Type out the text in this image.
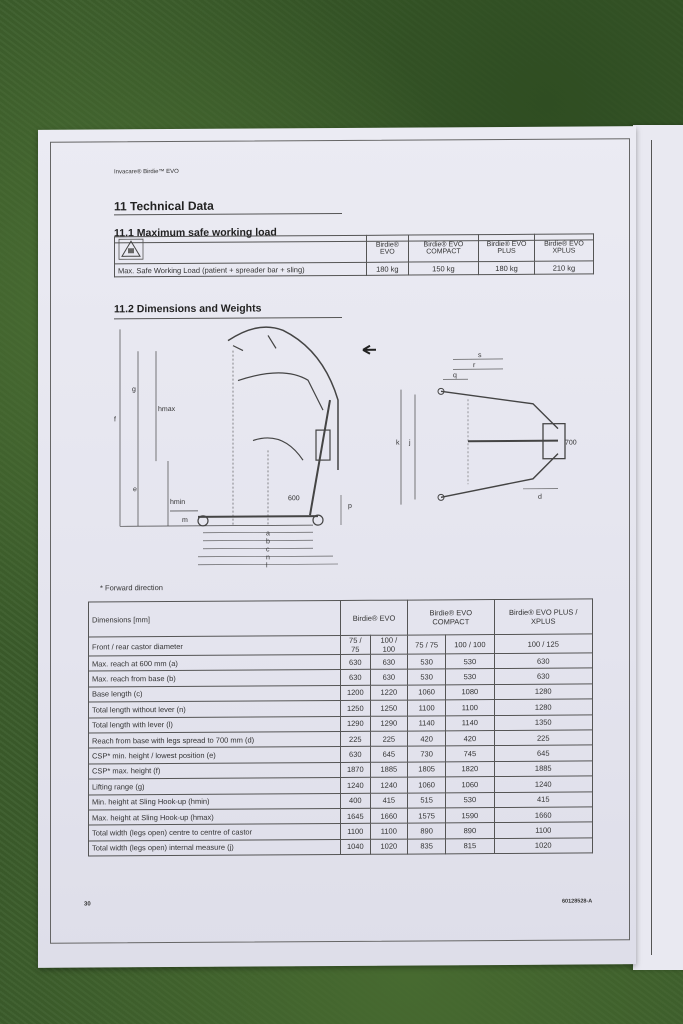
Invacare® Birdie™ EVO
11 Technical Data
11.1 Maximum safe working load
	Birdie® EVO	Birdie® EVO COMPACT	Birdie® EVO PLUS	Birdie® EVO XPLUS
Max. Safe Working Load (patient + spreader bar + sling)	180 kg	150 kg	180 kg	210 kg
11.2 Dimensions and Weights
g
hmax
f
e
hmin
m
600
a
b
c
n
l
p
k j
s
r
q
d
700
* Forward direction
Dimensions [mm]	Birdie® EVO		Birdie® EVO COMPACT		Birdie® EVO PLUS / XPLUS
Front / rear castor diameter	75 / 75	100 / 100	75 / 75	100 / 100	100 / 125
Max. reach at 600 mm (a)	630	630	530	530	630
Max. reach from base (b)	630	630	530	530	630
Base length (c)	1200	1220	1060	1080	1280
Total length without lever (n)	1250	1250	1100	1100	1280
Total length with lever (l)	1290	1290	1140	1140	1350
Reach from base with legs spread to 700 mm (d)	225	225	420	420	225
CSP* min. height / lowest position (e)	630	645	730	745	645
CSP* max. height (f)	1870	1885	1805	1820	1885
Lifting range (g)	1240	1240	1060	1060	1240
Min. height at Sling Hook-up (hmin)	400	415	515	530	415
Max. height at Sling Hook-up (hmax)	1645	1660	1575	1590	1660
Total width (legs open) centre to centre of castor	1100	1100	890	890	1100
Total width (legs open) internal measure (j)	1040	1020	835	815	1020
30	60128528-A
